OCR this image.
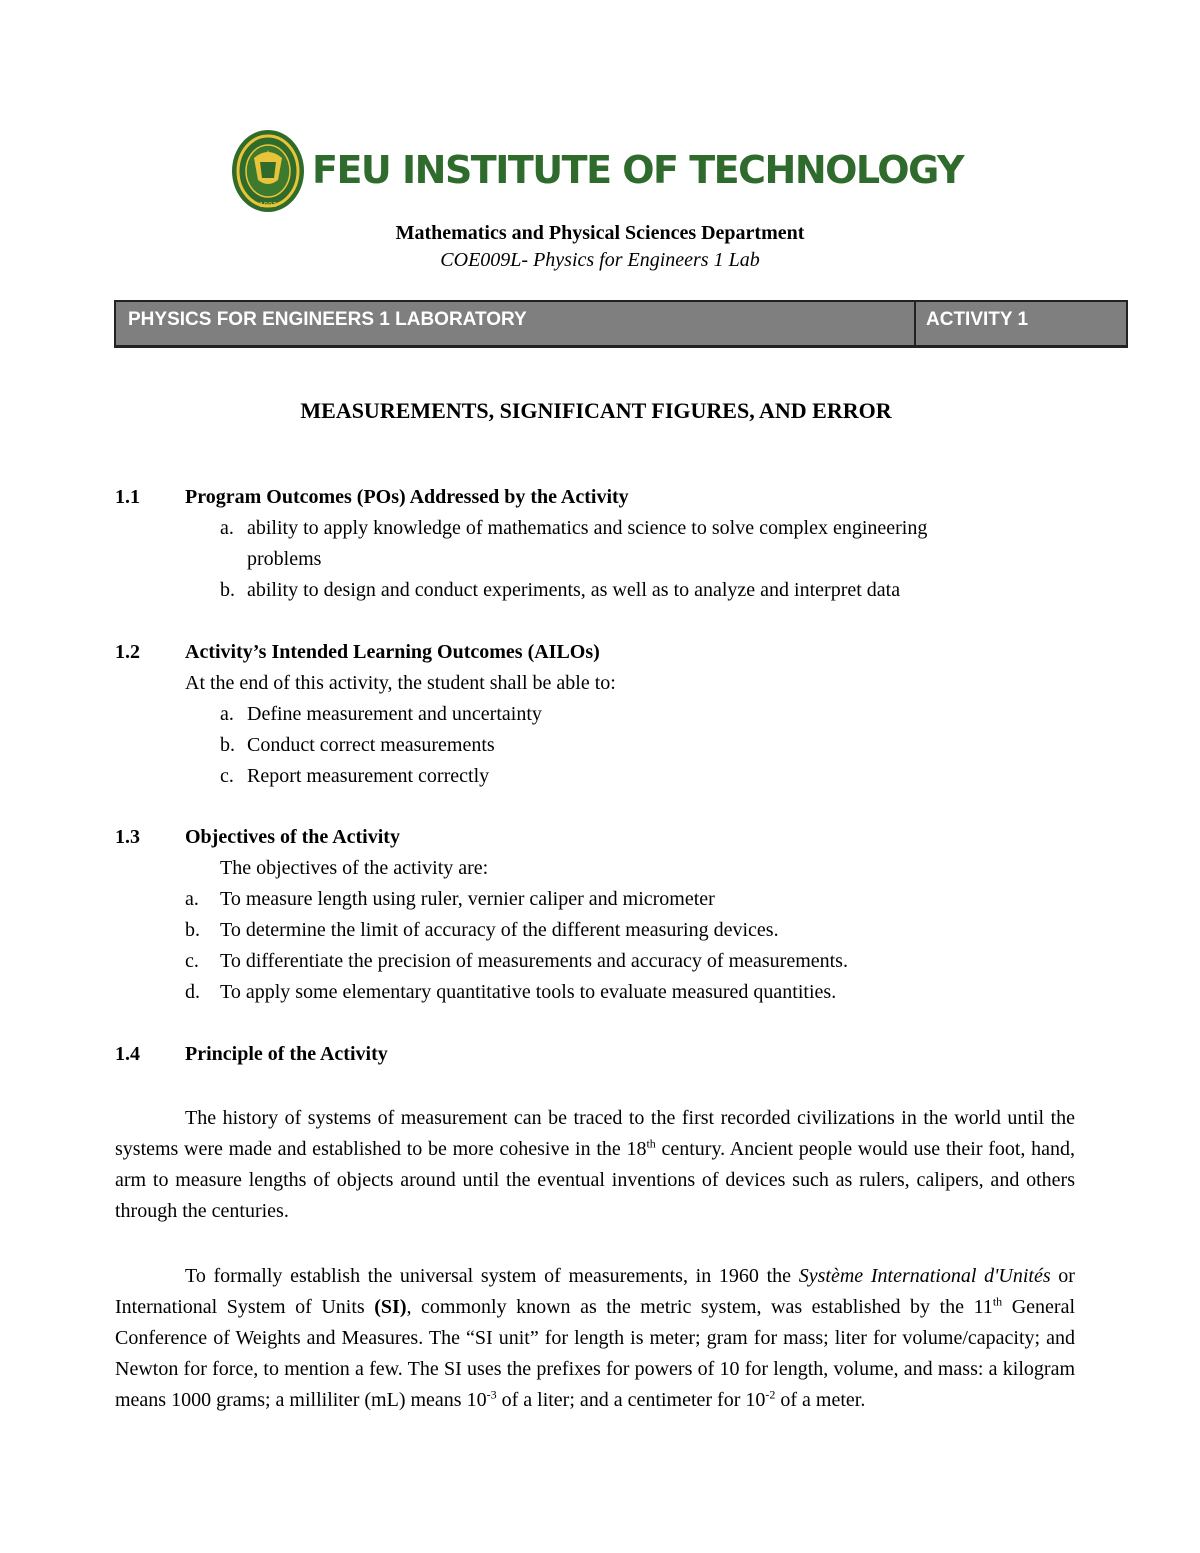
1992
FEU INSTITUTE OF TECHNOLOGY
Mathematics and Physical Sciences Department
COE009L- Physics for Engineers 1 Lab
PHYSICS FOR ENGINEERS 1 LABORATORY	ACTIVITY 1
MEASUREMENTS, SIGNIFICANT FIGURES, AND ERROR
1.1 Program Outcomes (POs) Addressed by the Activity
a. ability to apply knowledge of mathematics and science to solve complex engineering
problems
b. ability to design and conduct experiments, as well as to analyze and interpret data
1.2 Activity’s Intended Learning Outcomes (AILOs)
At the end of this activity, the student shall be able to:
a. Define measurement and uncertainty
b. Conduct correct measurements
c. Report measurement correctly
1.3 Objectives of the Activity
The objectives of the activity are:
a. To measure length using ruler, vernier caliper and micrometer
b. To determine the limit of accuracy of the different measuring devices.
c. To differentiate the precision of measurements and accuracy of measurements.
d. To apply some elementary quantitative tools to evaluate measured quantities.
1.4 Principle of the Activity

The history of systems of measurement can be traced to the first recorded civilizations in the world until the systems were made and established to be more cohesive in the 18th century. Ancient people would use their foot, hand, arm to measure lengths of objects around until the eventual inventions of devices such as rulers, calipers, and others through the centuries.

To formally establish the universal system of measurements, in 1960 the Système International d'Unités or International System of Units (SI), commonly known as the metric system, was established by the 11th General Conference of Weights and Measures. The “SI unit” for length is meter; gram for mass; liter for volume/capacity; and Newton for force, to mention a few. The SI uses the prefixes for powers of 10 for length, volume, and mass: a kilogram means 1000 grams; a milliliter (mL) means $10^{-3}$ of a liter; and a centimeter for $10^{-2}$ of a meter.
